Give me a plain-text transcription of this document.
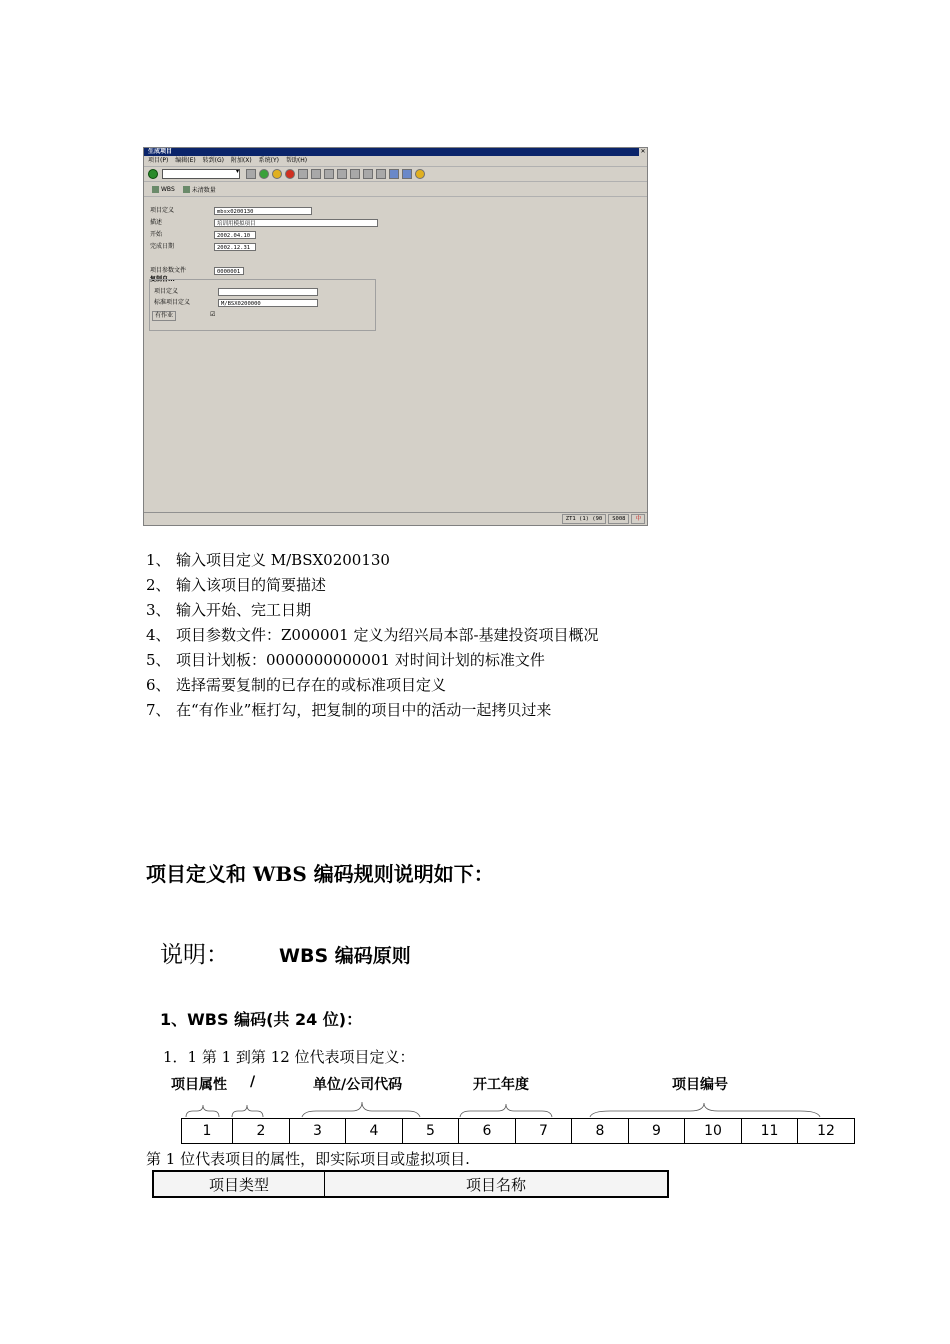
生成项目	✕
项目(P) 编辑(E) 转到(G) 附加(X) 系统(Y) 帮助(H)
▾
WBS	未清数量
项目定义	mbsx0200130
描述	培训用模拟项目
开始	2002.04.10
完成日期	2002.12.31
项目参数文件	0000001
复制自...
项目定义
标准项目定义	M/BSX0200000
有作业	☑
ZT1 (1) (90	S008	中
1、 输入项目定义 M/BSX0200130
2、 输入该项目的简要描述
3、 输入开始、完工日期
4、 项目参数文件：Z000001 定义为绍兴局本部-基建投资项目概况
5、 项目计划板：0000000000001 对时间计划的标准文件
6、 选择需要复制的已存在的或标准项目定义
7、 在“有作业”框打勾，把复制的项目中的活动一起拷贝过来
项目定义和 WBS 编码规则说明如下：
说明：	WBS 编码原则
1、WBS 编码(共 24 位)：
1．1 第 1 到第 12 位代表项目定义：
项目属性 /	单位/公司代码	开工年度	项目编号
1	2	3	4	5	6	7	8	9	10	11	12
第 1 位代表项目的属性，即实际项目或虚拟项目.
项目类型	项目名称
